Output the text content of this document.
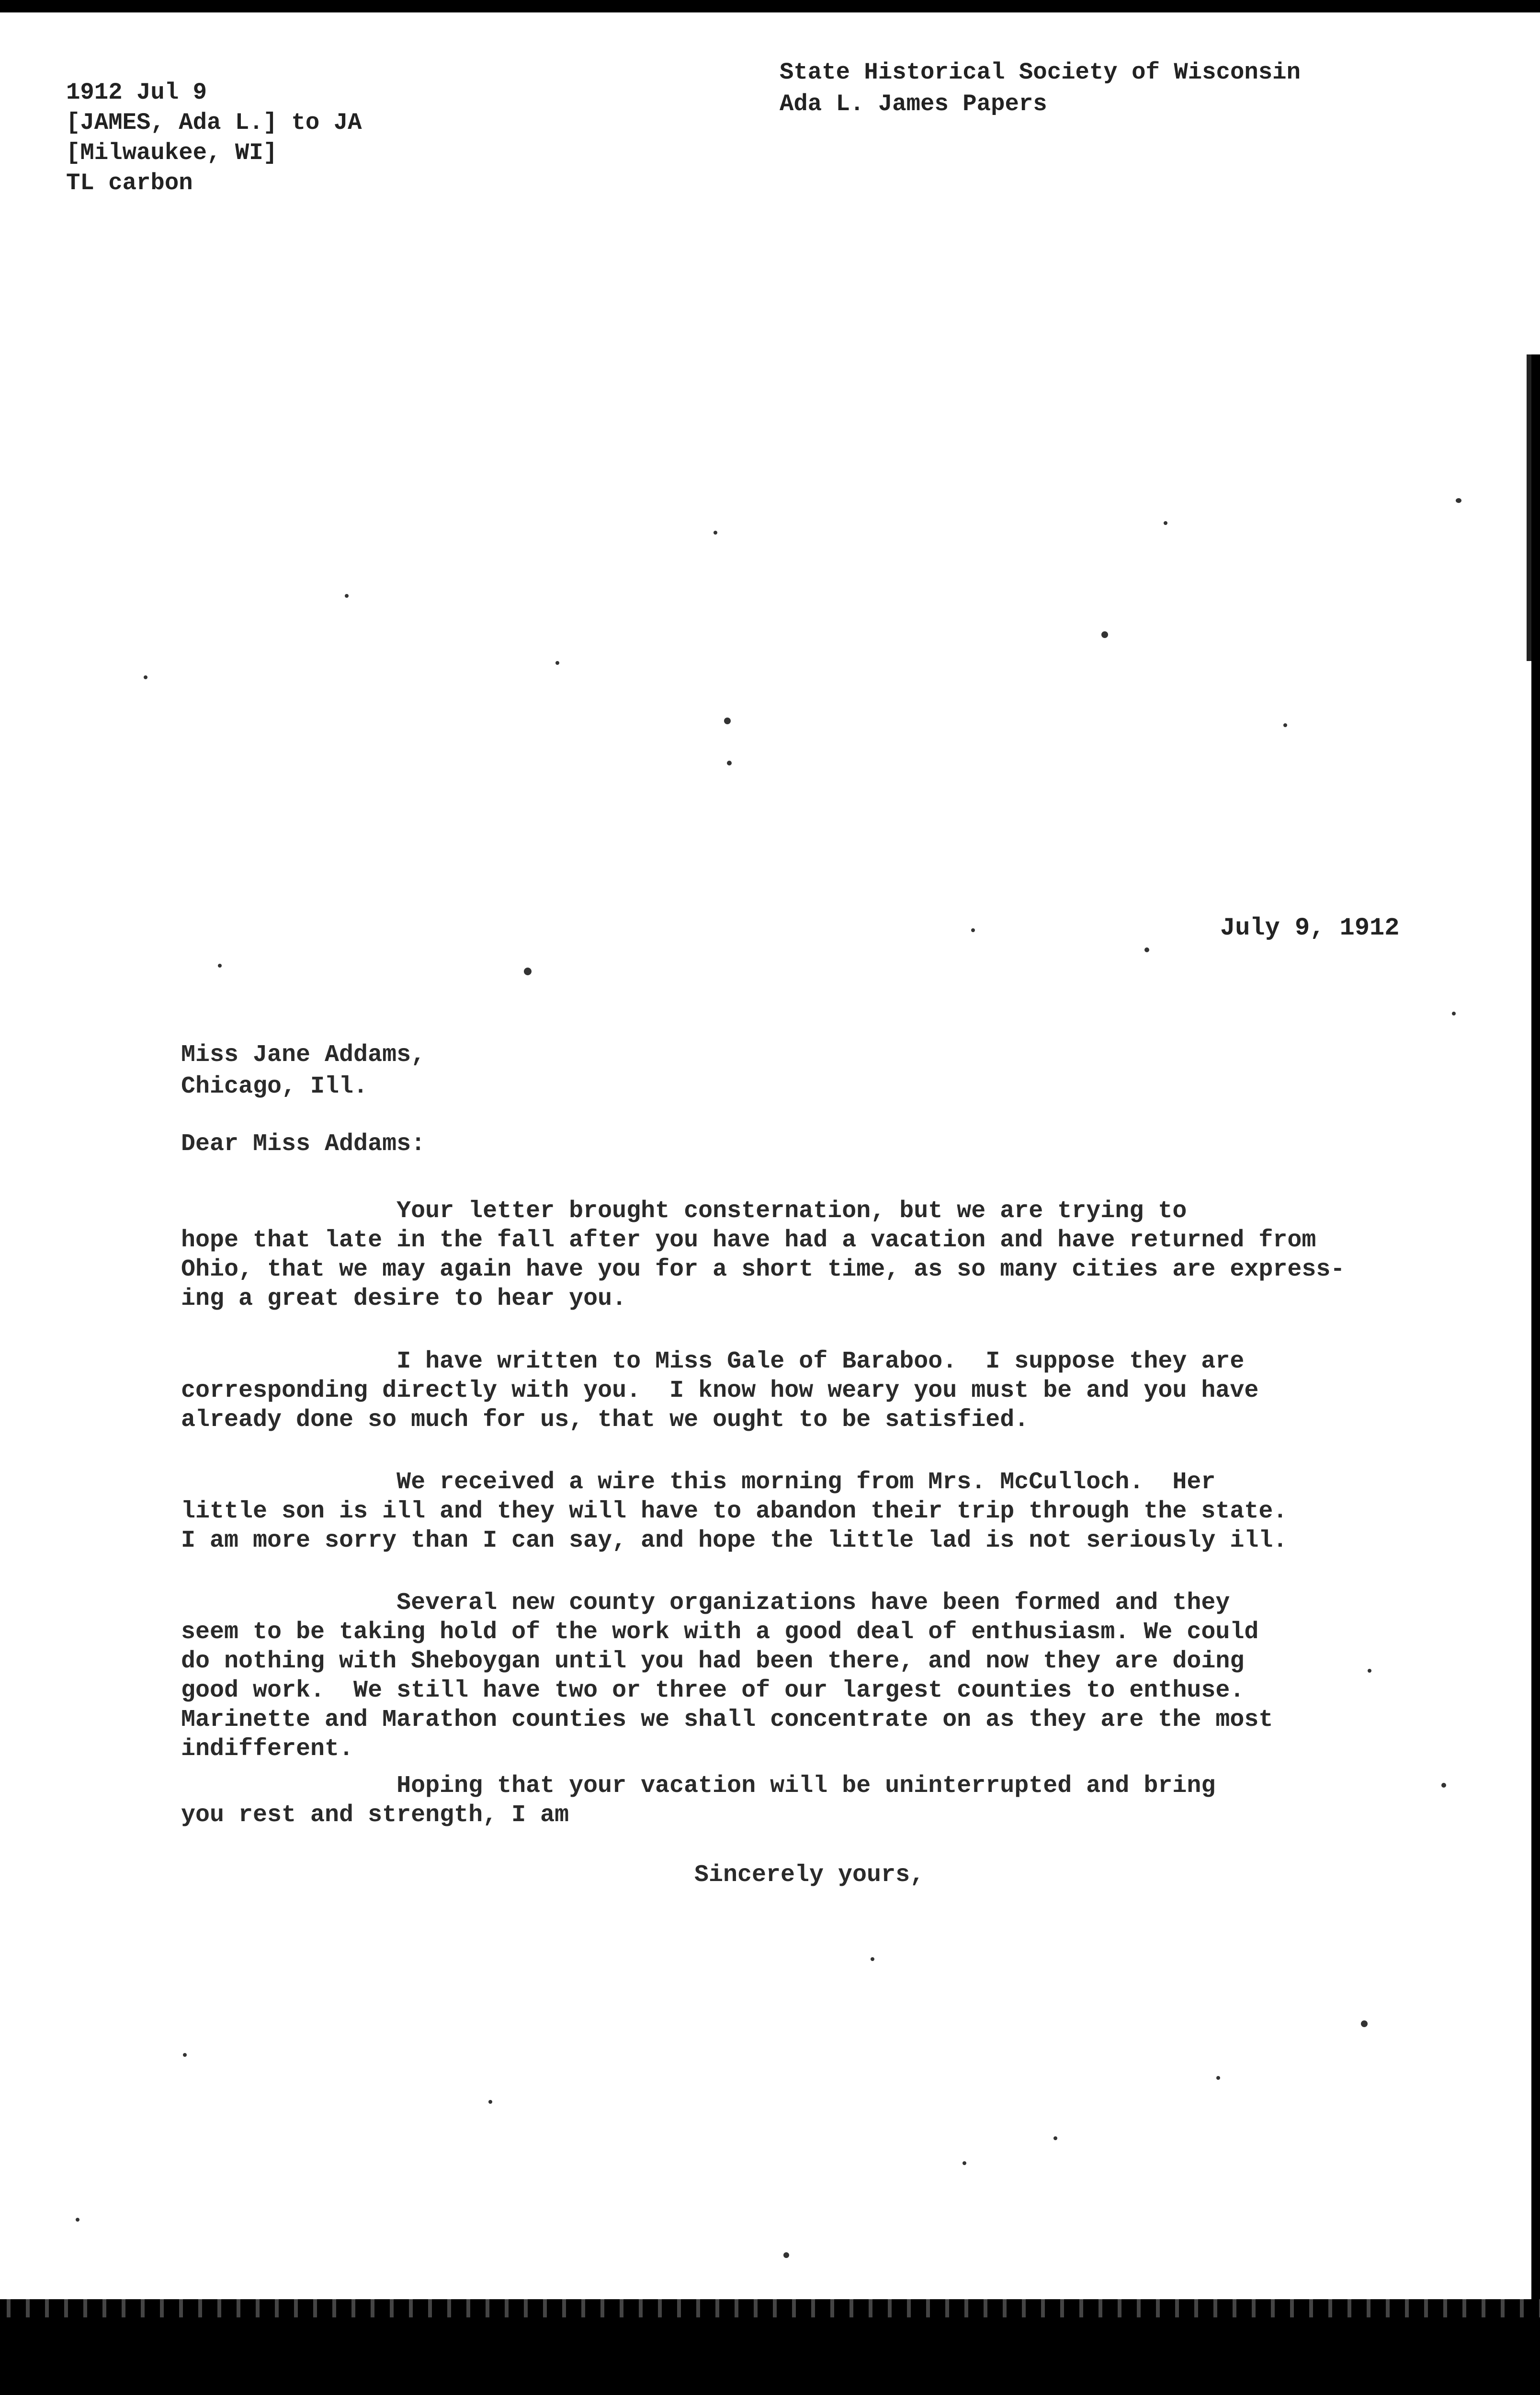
1912 Jul 9
[JAMES, Ada L.] to JA
[Milwaukee, WI]
TL carbon
State Historical Society of Wisconsin
Ada L. James Papers
July 9, 1912
Miss Jane Addams,
Chicago, Ill.
Dear Miss Addams:
Your letter brought consternation, but we are trying to
hope that late in the fall after you have had a vacation and have returned from
Ohio, that we may again have you for a short time, as so many cities are express-
ing a great desire to hear you.
I have written to Miss Gale of Baraboo.  I suppose they are
corresponding directly with you.  I know how weary you must be and you have
already done so much for us, that we ought to be satisfied.
We received a wire this morning from Mrs. McCulloch.  Her
little son is ill and they will have to abandon their trip through the state.
I am more sorry than I can say, and hope the little lad is not seriously ill.
Several new county organizations have been formed and they
seem to be taking hold of the work with a good deal of enthusiasm. We could
do nothing with Sheboygan until you had been there, and now they are doing
good work.  We still have two or three of our largest counties to enthuse.
Marinette and Marathon counties we shall concentrate on as they are the most
indifferent.
Hoping that your vacation will be uninterrupted and bring
you rest and strength, I am
Sincerely yours,
